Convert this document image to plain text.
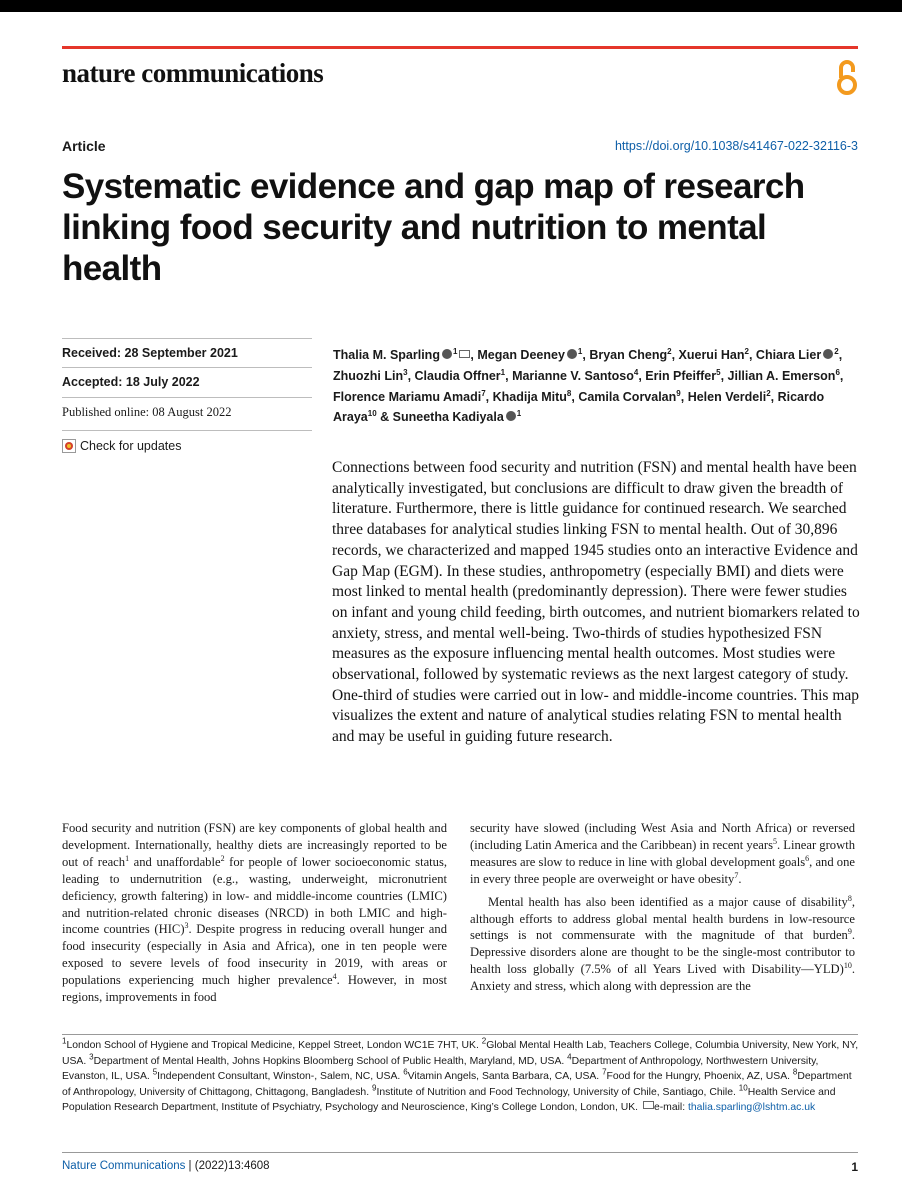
nature communications
Article	https://doi.org/10.1038/s41467-022-32116-3
Systematic evidence and gap map of research linking food security and nutrition to mental health
Received: 28 September 2021
Accepted: 18 July 2022
Published online: 08 August 2022
Check for updates

Thalia M. Sparling $^1$ , Megan Deeney $^1$, Bryan Cheng$^2$, Xuerui Han$^2$, Chiara Lier $^2$, Zhuozhi Lin$^3$, Claudia Offner$^1$, Marianne V. Santoso$^4$, Erin Pfeiffer$^5$, Jillian A. Emerson$^6$, Florence Mariamu Amadi$^7$, Khadija Mitu$^8$, Camila Corvalan$^9$, Helen Verdeli$^2$, Ricardo Araya$^{10}$ & Suneetha Kadiyala $^1$

Connections between food security and nutrition (FSN) and mental health have been analytically investigated, but conclusions are difficult to draw given the breadth of literature. Furthermore, there is little guidance for continued research. We searched three databases for analytical studies linking FSN to mental health. Out of 30,896 records, we characterized and mapped 1945 studies onto an interactive Evidence and Gap Map (EGM). In these studies, anthropometry (especially BMI) and diets were most linked to mental health (predominantly depression). There were fewer studies on infant and young child feeding, birth outcomes, and nutrient biomarkers related to anxiety, stress, and mental well-being. Two-thirds of studies hypothesized FSN measures as the exposure influencing mental health outcomes. Most studies were observational, followed by systematic reviews as the next largest category of study. One-third of studies were carried out in low- and middle-income countries. This map visualizes the extent and nature of analytical studies relating FSN to mental health and may be useful in guiding future research.

Food security and nutrition (FSN) are key components of global health and development. Internationally, healthy diets are increasingly reported to be out of reach$^1$ and unaffordable$^2$ for people of lower socioeconomic status, leading to undernutrition (e.g., wasting, underweight, micronutrient deficiency, growth faltering) in low- and middle-income countries (LMIC) and nutrition-related chronic diseases (NRCD) in both LMIC and high-income countries (HIC)$^3$. Despite progress in reducing overall hunger and food insecurity (especially in Asia and Africa), one in ten people were exposed to severe levels of food insecurity in 2019, with areas or populations experiencing much higher prevalence$^4$. However, in most regions, improvements in food

security have slowed (including West Asia and North Africa) or reversed (including Latin America and the Caribbean) in recent years$^5$. Linear growth measures are slow to reduce in line with global development goals$^6$, and one in every three people are overweight or have obesity$^7$.

Mental health has also been identified as a major cause of disability$^8$, although efforts to address global mental health burdens in low-resource settings is not commensurate with the magnitude of that burden$^9$. Depressive disorders alone are thought to be the single-most contributor to health loss globally (7.5% of all Years Lived with Disability—YLD)$^{10}$. Anxiety and stress, which along with depression are the

$^1$London School of Hygiene and Tropical Medicine, Keppel Street, London WC1E 7HT, UK. $^2$Global Mental Health Lab, Teachers College, Columbia University, New York, NY, USA. $^3$Department of Mental Health, Johns Hopkins Bloomberg School of Public Health, Maryland, MD, USA. $^4$Department of Anthropology, Northwestern University, Evanston, IL, USA. $^5$Independent Consultant, Winston-, Salem, NC, USA. $^6$Vitamin Angels, Santa Barbara, CA, USA. $^7$Food for the Hungry, Phoenix, AZ, USA. $^8$Department of Anthropology, University of Chittagong, Chittagong, Bangladesh. $^9$Institute of Nutrition and Food Technology, University of Chile, Santiago, Chile. $^{10}$Health Service and Population Research Department, Institute of Psychiatry, Psychology and Neuroscience, King’s College London, London, UK. e-mail: thalia.sparling@lshtm.ac.uk

Nature Communications | (2022)13:4608	1
